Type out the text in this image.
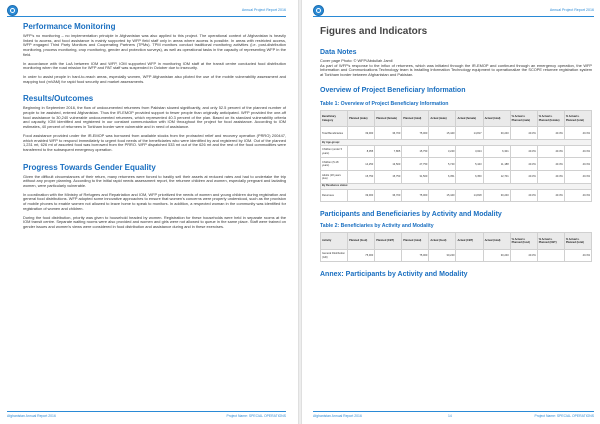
Annual Project Report 2016
Performance Monitoring

WFP's no monitoring – no implementation principle in Afghanistan was also applied to this project. The operational context of Afghanistan is heavily linked to access, and food assistance is mainly supported by WFP field staff only in areas where access is possible. In areas with restricted access, WFP engaged Third Party Monitors and Cooperating Partners (TPMs). TPM monitors conduct traditional monitoring activities (i.e. post-distribution monitoring, process monitoring, crop monitoring, gender and protection surveys), as well as operational tasks in the capacity of representing WFP in the field.

In accordance with the LoA between IOM and WFP, IOM supported WFP in monitoring IOM staff at the transit centre conducted food distribution monitoring when the road mission for WFP and PAT staff was suspended in October due to insecurity.

In order to assist people in hard-to-reach areas, especially women, WFP Afghanistan also piloted the use of the mobile vulnerability assessment and mapping tool (mVAM) for rapid food security and market assessments.

Results/Outcomes

Beginning in September 2016, the flow of undocumented returnees from Pakistan slowed significantly, and only 52.5 percent of the planned number of people to be assisted, entered Afghanistan. Thus the IR-EMOP provided support to fewer people than originally anticipated. WFP provided the one-off food assistance to 30,240 vulnerable undocumented returnees, which represented 40.3 percent of the plan. Based on its standard vulnerability criteria and capacity, IOM identified and registered in our constant communication with IOM throughout the project for food assistance. According to IOM estimates, 40 percent of returnees in Torkham border were vulnerable and in need of assistance.

Food assistance provided under the IR-EMOP was borrowed from available stocks from the protracted relief and recovery operation (PRRO) 200447, which enabled WFP to respond immediately to urgent food needs of the beneficiaries who were identified by and registered by IOM. Out of the planned 1,231 mt, 626 mt of assorted food was borrowed from the PRRO. WFP dispatched 533 mt out of the 626 mt and the rest of the food commodities were transferred to the subsequent emergency operation.

Progress Towards Gender Equality

Given the difficult circumstances of their return, many returnees were forced to hastily sell their assets at reduced rates and had to undertake the trip without any proper planning. According to the initial rapid needs assessment report, the returnee children and women, especially pregnant and lactating women, were particularly vulnerable.

In coordination with the Ministry of Refugees and Repatriation and IOM, WFP prioritized the needs of women and young children during registration and general food distributions. WFP adopted some innovative approaches to ensure that women's concerns were properly understood, such as the provision of mobile phones to enable women not allowed to leave home to speak to monitors. In addition, a respected woman in the community was identified for registration of women and children.

During the food distribution, priority was given to household headed by women. Registration for these households were held in separate rooms at the IOM transit centre. Separate waiting rooms were also provided and women and girls were not allowed to queue in the same place. Staff were trained on gender issues and women's views were considered in food distribution and assistance during and in these exercises.

Afghanistan Annual Report 2016	Project Name: SPECIAL OPERATIONS
Annual Project Report 2016
Figures and Indicators
Data Notes

Cover page Photo: © WFP/Abdullah Jamil

As part of WFP's response to the influx of returnees, which was initiated through the IR-EMOP and continued through an emergency operation, the WFP Information and Communications Technology team is installing Information Technology equipment to operationalize the SCOPE returnee registration system at Torkham border between Afghanistan and Pakistan.

Overview of Project Beneficiary Information
Table 1: Overview of Project Beneficiary Information
Beneficiary Category	Planned (male)	Planned (female)	Planned (total)	Actual (male)	Actual (female)	Actual (total)	% Actual v. Planned (male)	% Actual v. Planned (female)	% Actual v. Planned (total)
Total Beneficiaries	39,000	36,700	75,000	15,440	14,817	30,240	40.3%	40.3%	40.3%
By Age-group:									
Children (under 5 years)	8,055	7,865	15,750	3,240	3,024	6,301	40.3%	40.3%	40.3%
Children (5-18 years)	14,250	13,500	27,750	5,740	5,443	11,188	40.3%	40.3%	40.3%
Adults (18 years plus)	15,750	15,750	31,500	6,351	6,350	12,701	40.3%	40.3%	40.3%
By Residence status:									
Returnees	39,000	36,700	75,000	15,440	14,818	30,240	40.3%	40.3%	40.3%
Participants and Beneficiaries by Activity and Modality
Table 2: Beneficiaries by Activity and Modality
Activity	Planned (food)	Planned (CBT)	Planned (total)	Actual (food)	Actual (CBT)	Actual (total)	% Actual v. Planned (food)	% Actual v. Planned (CBT)	% Actual v. Planned (total)
General Distribution (GD)	75,000		75,000	30,240		30,240	40.3%		40.3%
Annex: Participants by Activity and Modality
Afghanistan Annual Report 2016	14	Project Name: SPECIAL OPERATIONS
